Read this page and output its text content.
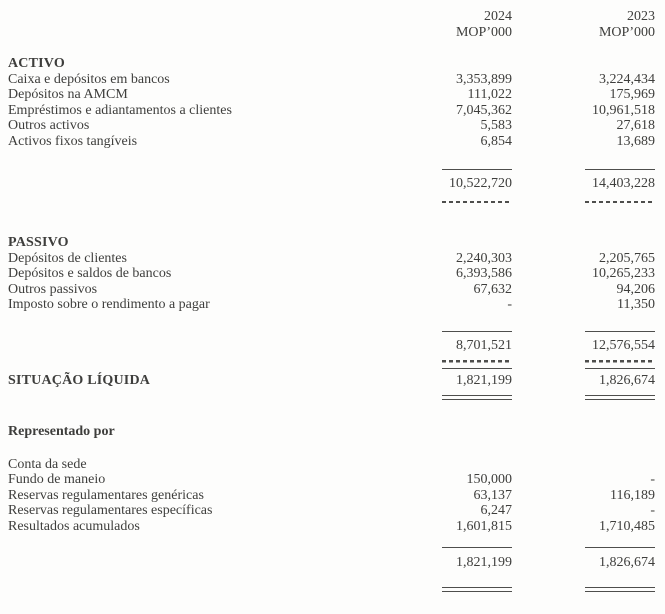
2024	2023
MOP’000	MOP’000
ACTIVO
Caixa e depósitos em bancos	3,353,899	3,224,434
Depósitos na AMCM	111,022	175,969
Empréstimos e adiantamentos a clientes	7,045,362	10,961,518
Outros activos	5,583	27,618
Activos fixos tangíveis	6,854	13,689
10,522,720	14,403,228
PASSIVO
Depósitos de clientes	2,240,303	2,205,765
Depósitos e saldos de bancos	6,393,586	10,265,233
Outros passivos	67,632	94,206
Imposto sobre o rendimento a pagar	-	11,350
8,701,521	12,576,554
SITUAÇÃO LÍQUIDA	1,821,199	1,826,674
Representado por
Conta da sede
Fundo de maneio	150,000	-
Reservas regulamentares genéricas	63,137	116,189
Reservas regulamentares específicas	6,247	-
Resultados acumulados	1,601,815	1,710,485
1,821,199	1,826,674
